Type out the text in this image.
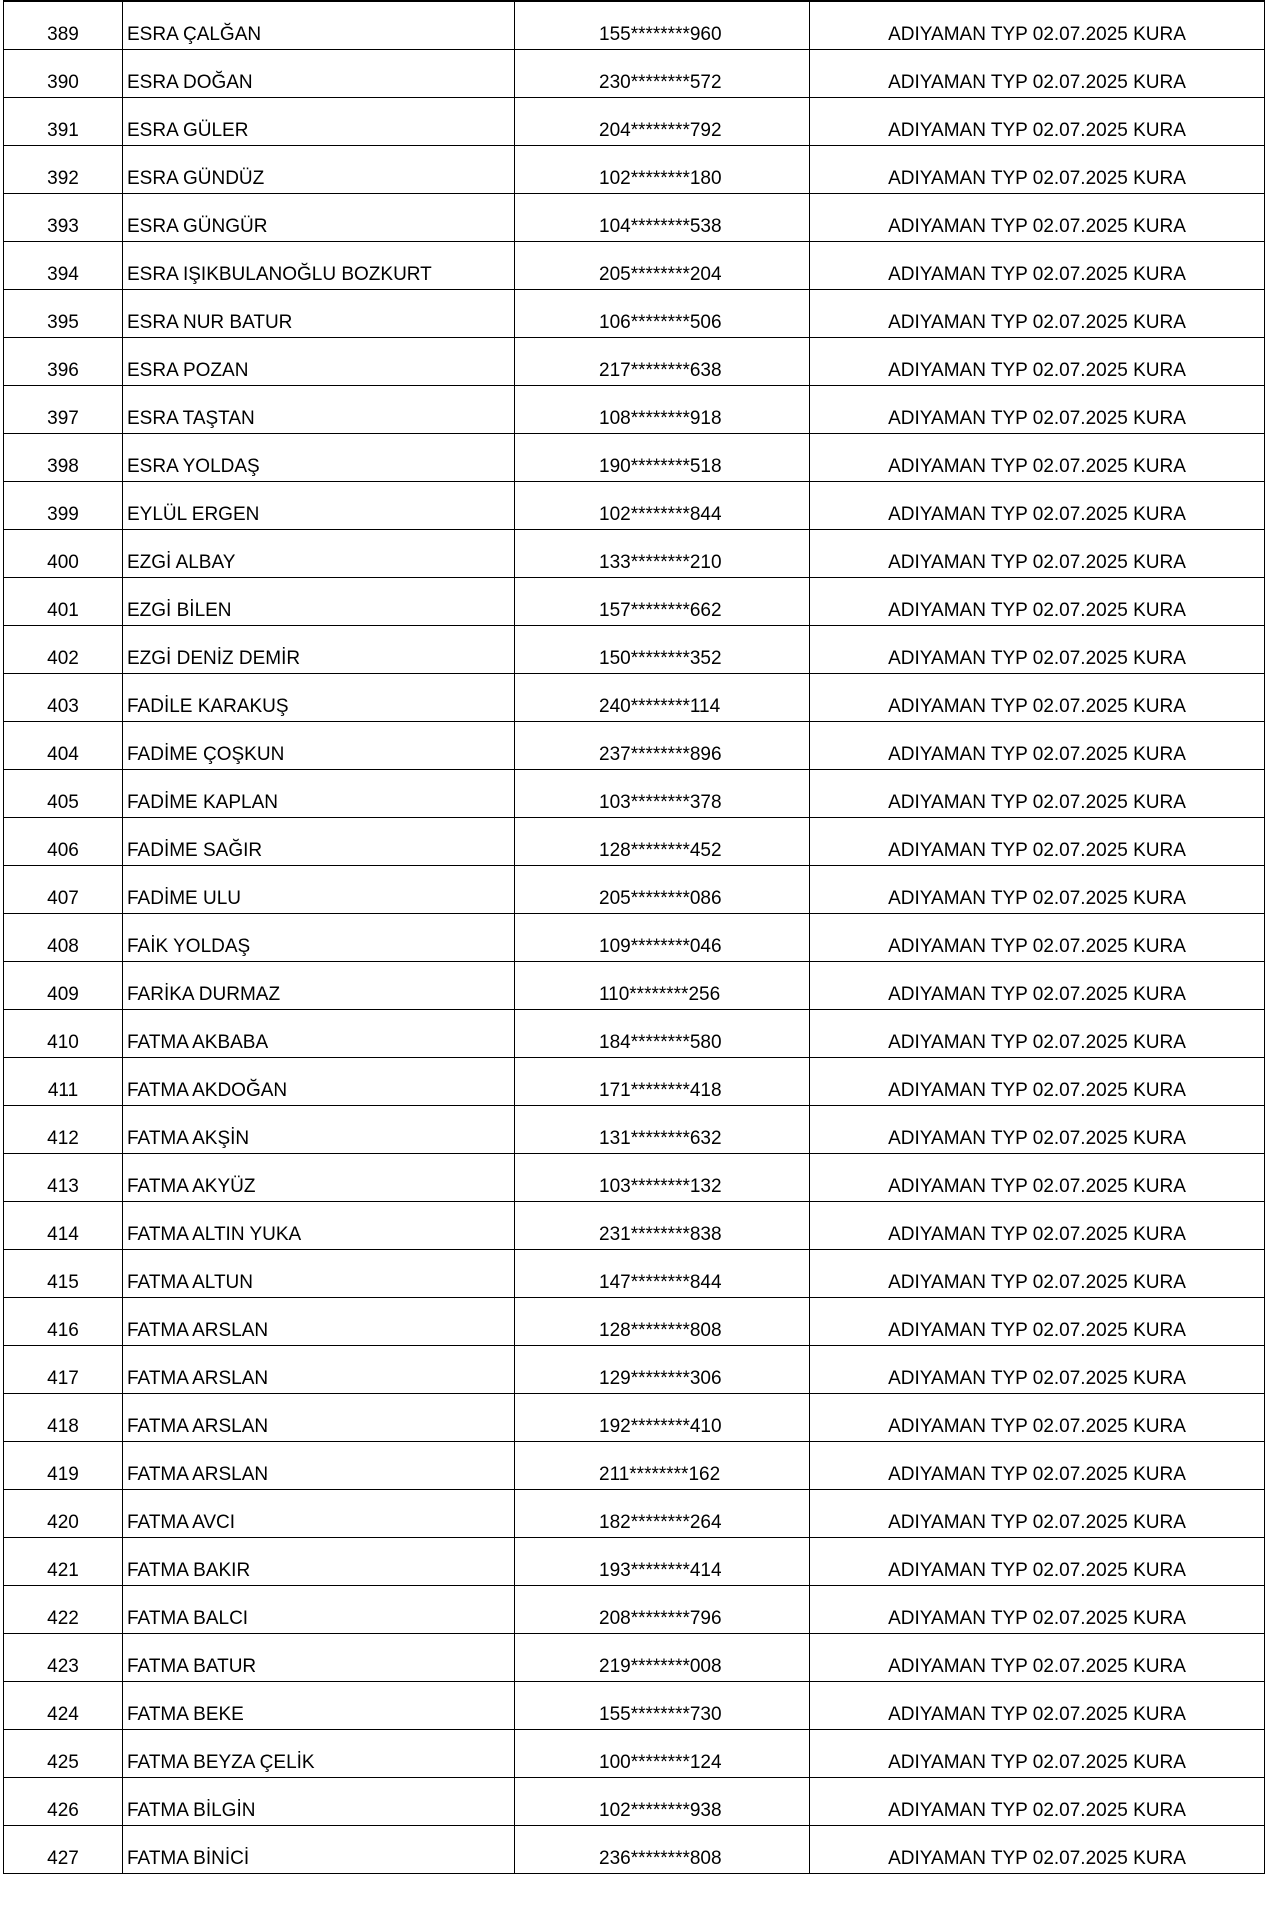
389	ESRA ÇALĞAN	155********960	ADIYAMAN TYP 02.07.2025 KURA
390	ESRA DOĞAN	230********572	ADIYAMAN TYP 02.07.2025 KURA
391	ESRA GÜLER	204********792	ADIYAMAN TYP 02.07.2025 KURA
392	ESRA GÜNDÜZ	102********180	ADIYAMAN TYP 02.07.2025 KURA
393	ESRA GÜNGÜR	104********538	ADIYAMAN TYP 02.07.2025 KURA
394	ESRA IŞIKBULANOĞLU BOZKURT	205********204	ADIYAMAN TYP 02.07.2025 KURA
395	ESRA NUR BATUR	106********506	ADIYAMAN TYP 02.07.2025 KURA
396	ESRA POZAN	217********638	ADIYAMAN TYP 02.07.2025 KURA
397	ESRA TAŞTAN	108********918	ADIYAMAN TYP 02.07.2025 KURA
398	ESRA YOLDAŞ	190********518	ADIYAMAN TYP 02.07.2025 KURA
399	EYLÜL ERGEN	102********844	ADIYAMAN TYP 02.07.2025 KURA
400	EZGİ ALBAY	133********210	ADIYAMAN TYP 02.07.2025 KURA
401	EZGİ BİLEN	157********662	ADIYAMAN TYP 02.07.2025 KURA
402	EZGİ DENİZ DEMİR	150********352	ADIYAMAN TYP 02.07.2025 KURA
403	FADİLE KARAKUŞ	240********114	ADIYAMAN TYP 02.07.2025 KURA
404	FADİME ÇOŞKUN	237********896	ADIYAMAN TYP 02.07.2025 KURA
405	FADİME KAPLAN	103********378	ADIYAMAN TYP 02.07.2025 KURA
406	FADİME SAĞIR	128********452	ADIYAMAN TYP 02.07.2025 KURA
407	FADİME ULU	205********086	ADIYAMAN TYP 02.07.2025 KURA
408	FAİK YOLDAŞ	109********046	ADIYAMAN TYP 02.07.2025 KURA
409	FARİKA DURMAZ	110********256	ADIYAMAN TYP 02.07.2025 KURA
410	FATMA AKBABA	184********580	ADIYAMAN TYP 02.07.2025 KURA
411	FATMA AKDOĞAN	171********418	ADIYAMAN TYP 02.07.2025 KURA
412	FATMA AKŞİN	131********632	ADIYAMAN TYP 02.07.2025 KURA
413	FATMA AKYÜZ	103********132	ADIYAMAN TYP 02.07.2025 KURA
414	FATMA ALTIN YUKA	231********838	ADIYAMAN TYP 02.07.2025 KURA
415	FATMA ALTUN	147********844	ADIYAMAN TYP 02.07.2025 KURA
416	FATMA ARSLAN	128********808	ADIYAMAN TYP 02.07.2025 KURA
417	FATMA ARSLAN	129********306	ADIYAMAN TYP 02.07.2025 KURA
418	FATMA ARSLAN	192********410	ADIYAMAN TYP 02.07.2025 KURA
419	FATMA ARSLAN	211********162	ADIYAMAN TYP 02.07.2025 KURA
420	FATMA AVCI	182********264	ADIYAMAN TYP 02.07.2025 KURA
421	FATMA BAKIR	193********414	ADIYAMAN TYP 02.07.2025 KURA
422	FATMA BALCI	208********796	ADIYAMAN TYP 02.07.2025 KURA
423	FATMA BATUR	219********008	ADIYAMAN TYP 02.07.2025 KURA
424	FATMA BEKE	155********730	ADIYAMAN TYP 02.07.2025 KURA
425	FATMA BEYZA ÇELİK	100********124	ADIYAMAN TYP 02.07.2025 KURA
426	FATMA BİLGİN	102********938	ADIYAMAN TYP 02.07.2025 KURA
427	FATMA BİNİCİ	236********808	ADIYAMAN TYP 02.07.2025 KURA
